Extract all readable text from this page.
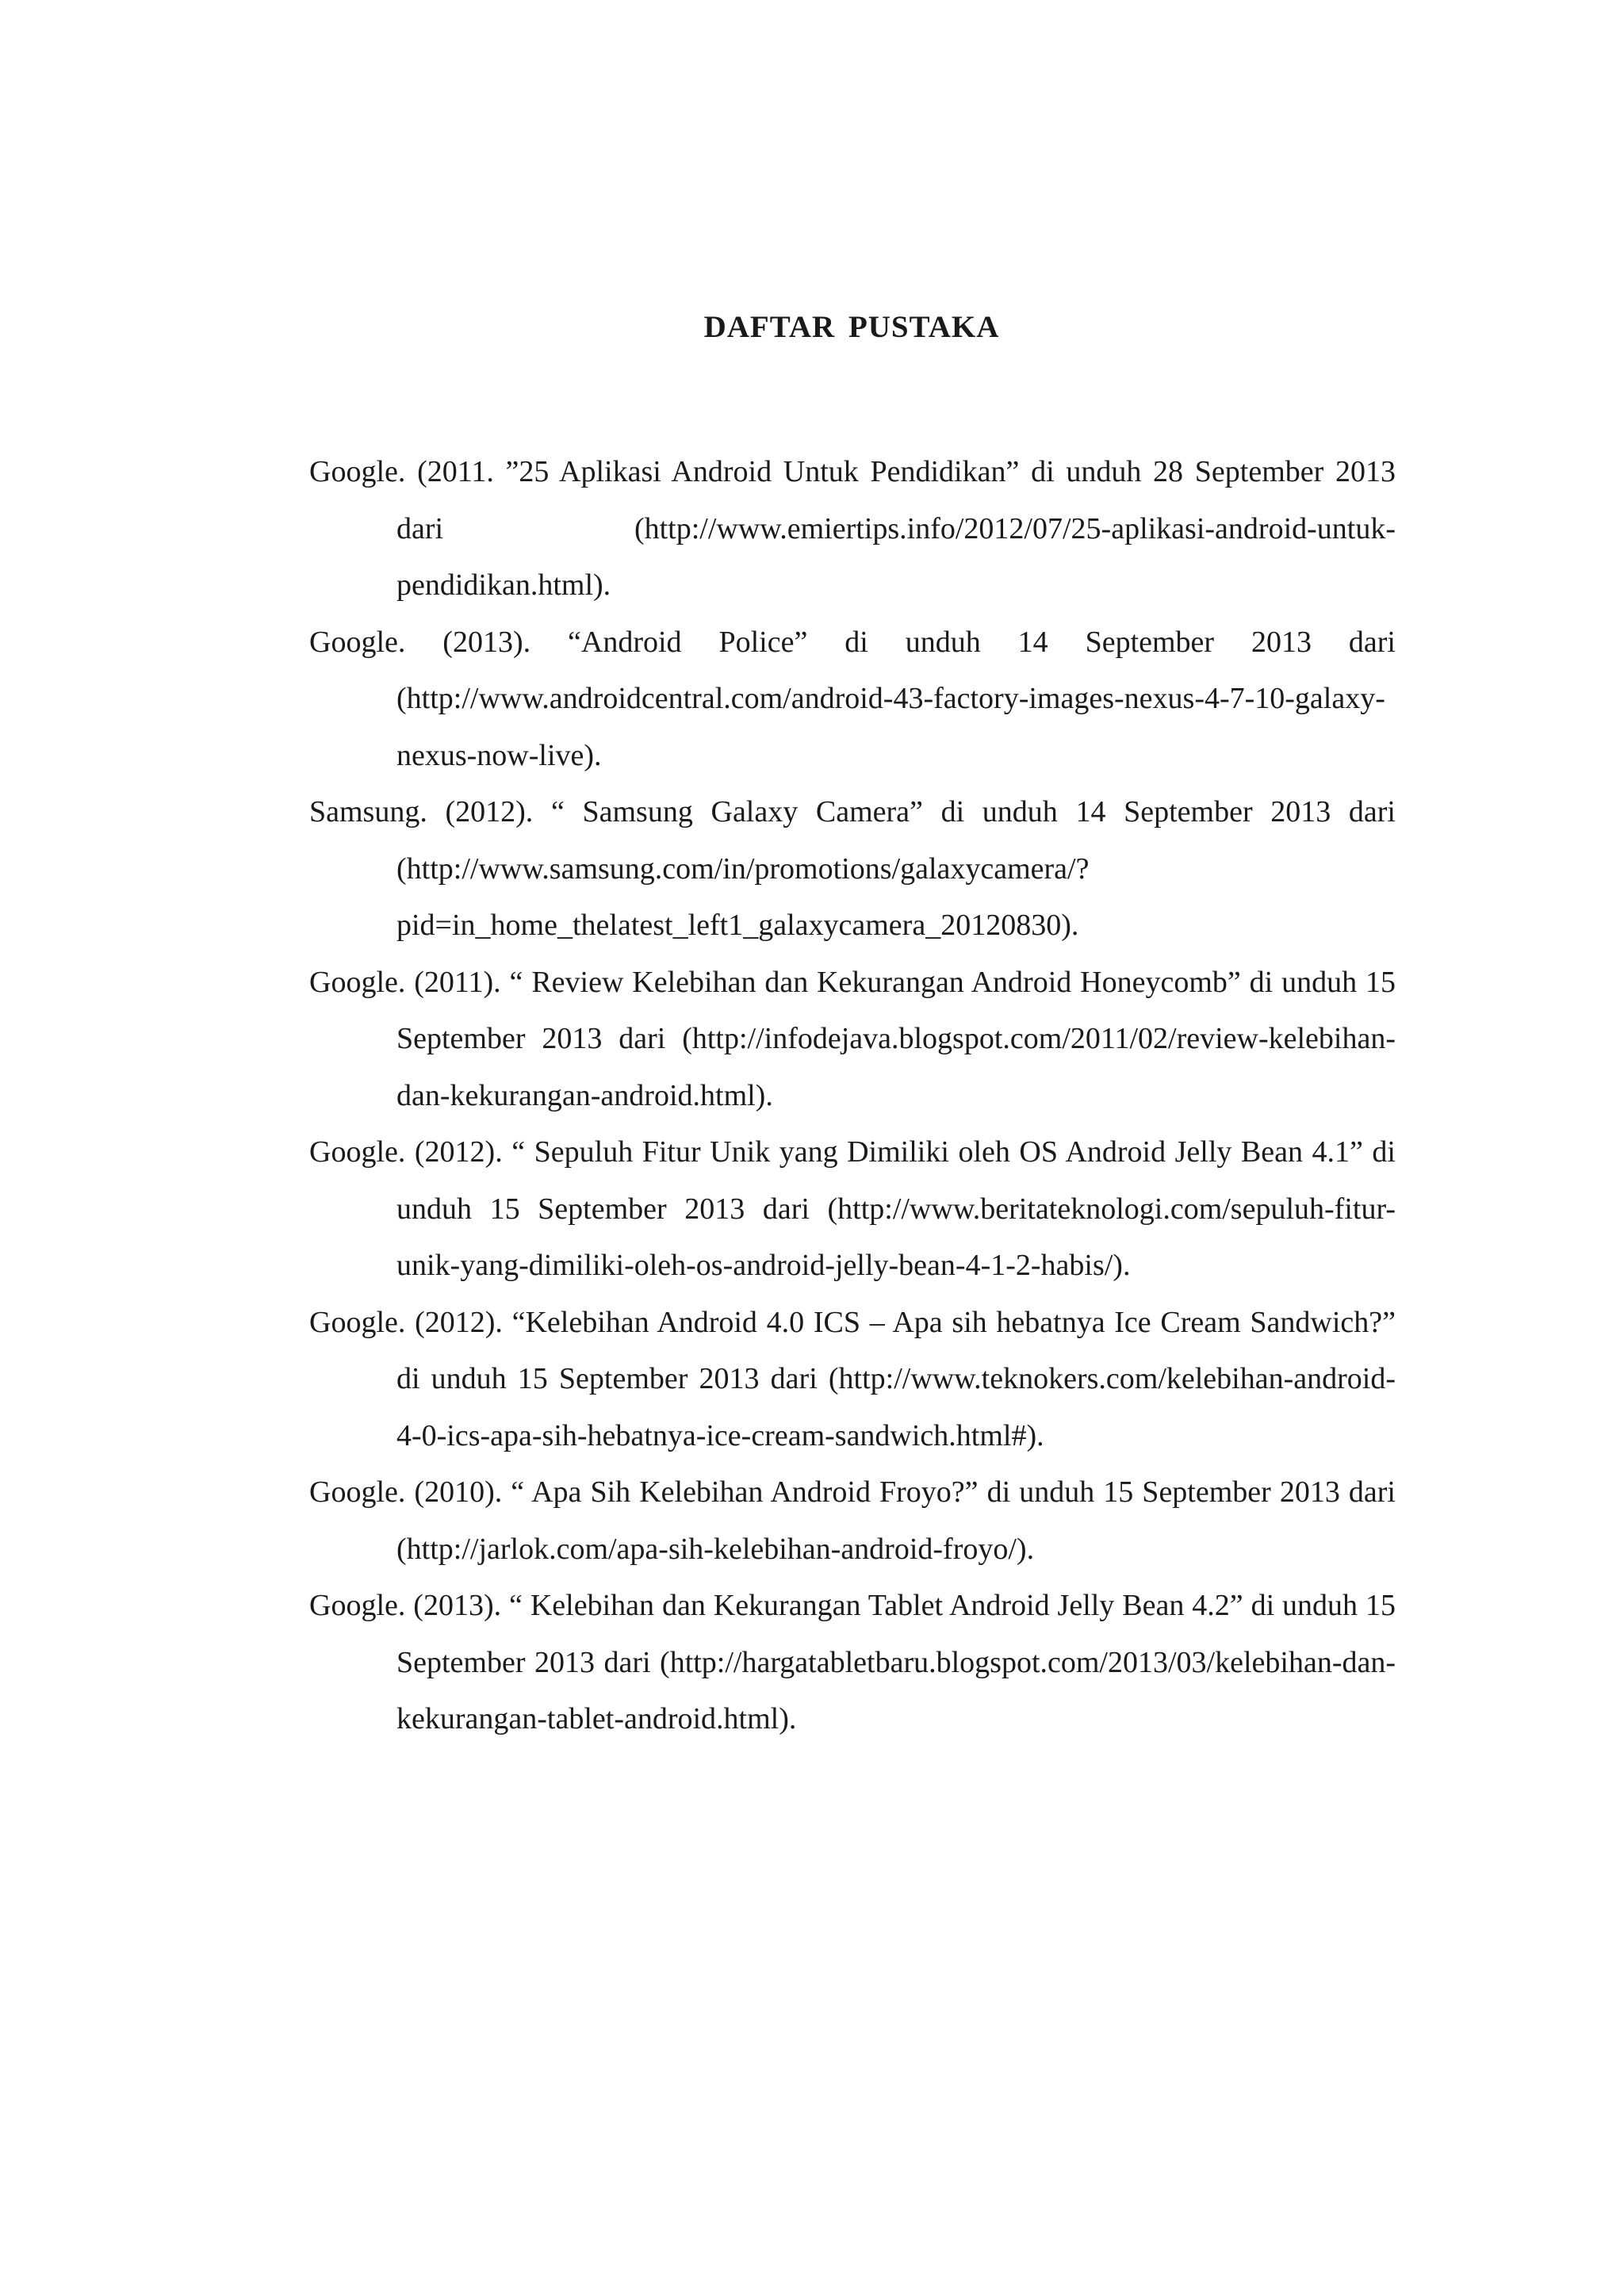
DAFTAR PUSTAKA

Google. (2011. ”25 Aplikasi Android Untuk Pendidikan” di unduh 28 September 2013 dari (http://www.emiertips.info/2012/07/25-aplikasi-android-untuk-pendidikan.html).

Google. (2013). “Android Police” di unduh 14 September 2013 dari (http://www.androidcentral.com/android-43-factory-images-nexus-4-7-10-galaxy-nexus-now-live).

Samsung. (2012). “ Samsung Galaxy Camera” di unduh 14 September 2013 dari (http://www.samsung.com/in/promotions/galaxycamera/?pid=in_home_thelatest_left1_galaxycamera_20120830).

Google. (2011). “ Review Kelebihan dan Kekurangan Android Honeycomb” di unduh 15 September 2013 dari (http://infodejava.blogspot.com/2011/02/review-kelebihan-dan-kekurangan-android.html).

Google. (2012). “ Sepuluh Fitur Unik yang Dimiliki oleh OS Android Jelly Bean 4.1” di unduh 15 September 2013 dari (http://www.beritateknologi.com/sepuluh-fitur-unik-yang-dimiliki-oleh-os-android-jelly-bean-4-1-2-habis/).

Google. (2012). “Kelebihan Android 4.0 ICS – Apa sih hebatnya Ice Cream Sandwich?” di unduh 15 September 2013 dari (http://www.teknokers.com/kelebihan-android-4-0-ics-apa-sih-hebatnya-ice-cream-sandwich.html#).

Google. (2010). “ Apa Sih Kelebihan Android Froyo?” di unduh 15 September 2013 dari (http://jarlok.com/apa-sih-kelebihan-android-froyo/).

Google. (2013). “ Kelebihan dan Kekurangan Tablet Android Jelly Bean 4.2” di unduh 15 September 2013 dari (http://hargatabletbaru.blogspot.com/2013/03/kelebihan-dan-kekurangan-tablet-android.html).
